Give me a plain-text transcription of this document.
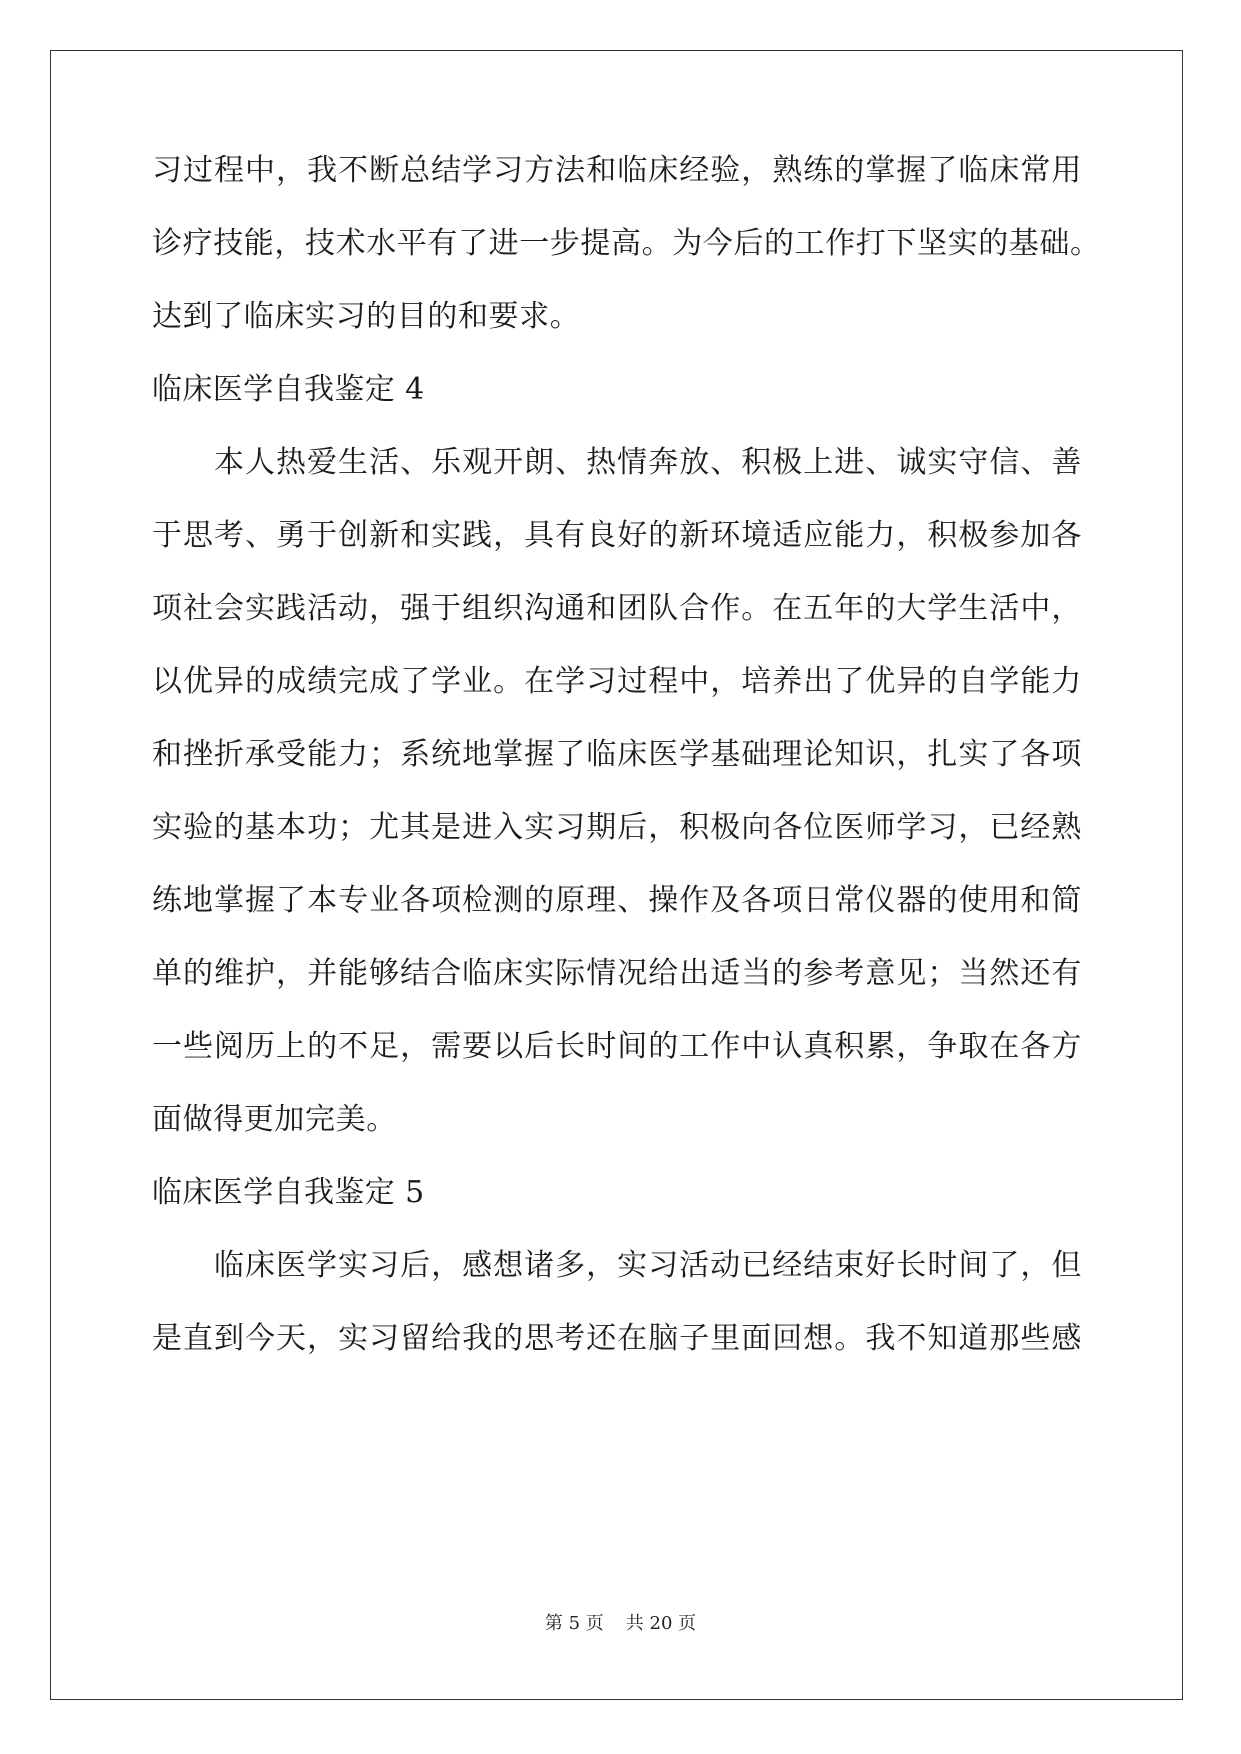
习过程中，我不断总结学习方法和临床经验，熟练的掌握了临床常用
诊疗技能，技术水平有了进一步提高。为今后的工作打下坚实的基础。
达到了临床实习的目的和要求。
临床医学自我鉴定 4
本人热爱生活、乐观开朗、热情奔放、积极上进、诚实守信、善
于思考、勇于创新和实践，具有良好的新环境适应能力，积极参加各
项社会实践活动，强于组织沟通和团队合作。在五年的大学生活中，
以优异的成绩完成了学业。在学习过程中，培养出了优异的自学能力
和挫折承受能力；系统地掌握了临床医学基础理论知识，扎实了各项
实验的基本功；尤其是进入实习期后，积极向各位医师学习，已经熟
练地掌握了本专业各项检测的原理、操作及各项日常仪器的使用和简
单的维护，并能够结合临床实际情况给出适当的参考意见；当然还有
一些阅历上的不足，需要以后长时间的工作中认真积累，争取在各方
面做得更加完美。
临床医学自我鉴定 5
临床医学实习后，感想诸多，实习活动已经结束好长时间了，但
是直到今天，实习留给我的思考还在脑子里面回想。我不知道那些感
第 5 页 共 20 页
